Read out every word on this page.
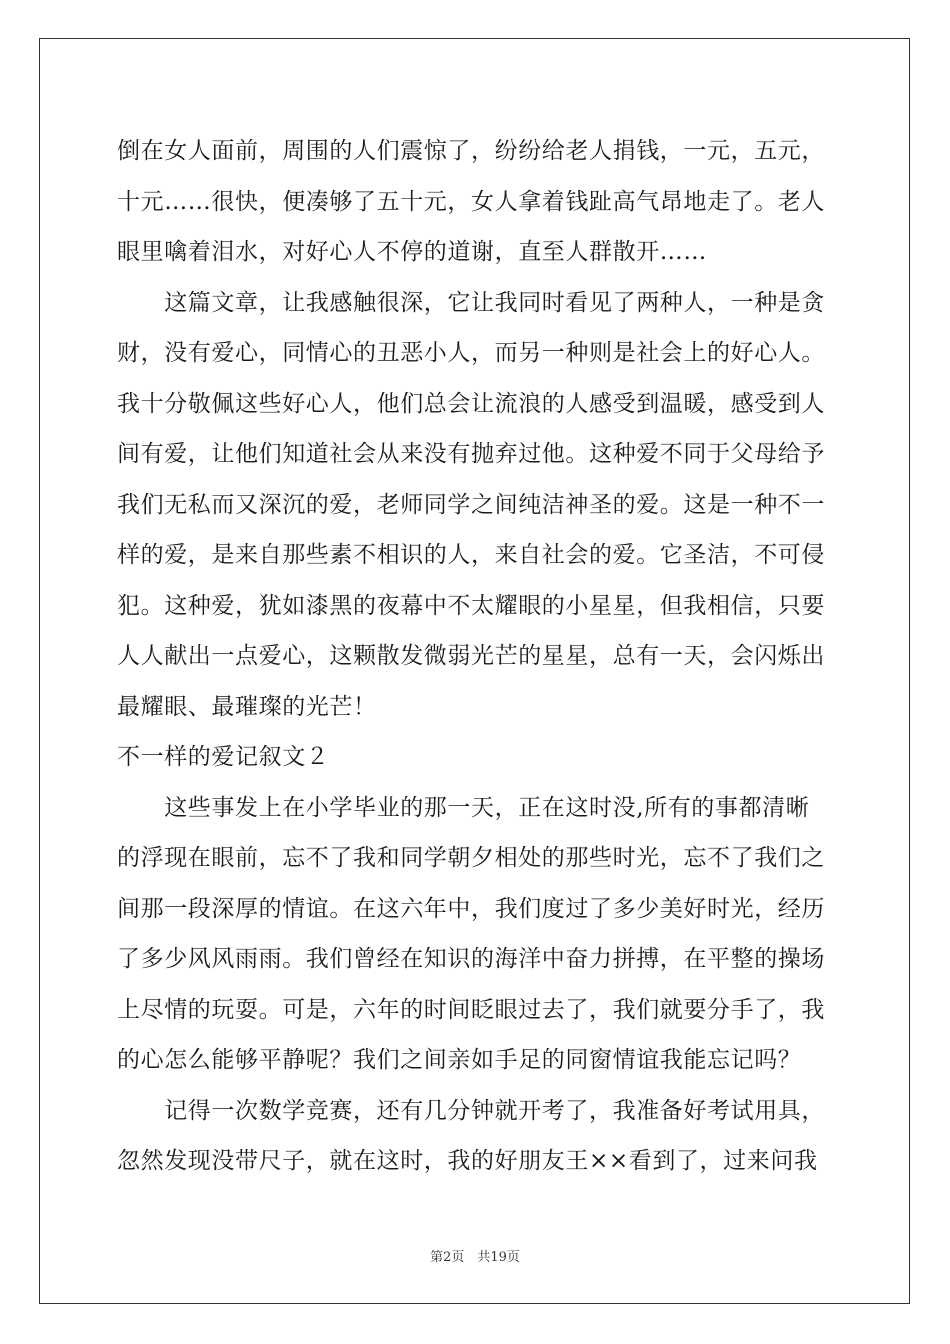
倒在女人面前，周围的人们震惊了，纷纷给老人捐钱，一元，五元，
十元……很快，便凑够了五十元，女人拿着钱趾高气昂地走了。老人
眼里噙着泪水，对好心人不停的道谢，直至人群散开……
　　这篇文章，让我感触很深，它让我同时看见了两种人，一种是贪
财，没有爱心，同情心的丑恶小人，而另一种则是社会上的好心人。
我十分敬佩这些好心人，他们总会让流浪的人感受到温暖，感受到人
间有爱，让他们知道社会从来没有抛弃过他。这种爱不同于父母给予
我们无私而又深沉的爱，老师同学之间纯洁神圣的爱。这是一种不一
样的爱，是来自那些素不相识的人，来自社会的爱。它圣洁，不可侵
犯。这种爱，犹如漆黑的夜幕中不太耀眼的小星星，但我相信，只要
人人献出一点爱心，这颗散发微弱光芒的星星，总有一天，会闪烁出
最耀眼、最璀璨的光芒！
不一样的爱记叙文２
　　这些事发上在小学毕业的那一天，正在这时没,所有的事都清晰
的浮现在眼前，忘不了我和同学朝夕相处的那些时光，忘不了我们之
间那一段深厚的情谊。在这六年中，我们度过了多少美好时光，经历
了多少风风雨雨。我们曾经在知识的海洋中奋力拼搏，在平整的操场
上尽情的玩耍。可是，六年的时间眨眼过去了，我们就要分手了，我
的心怎么能够平静呢？我们之间亲如手足的同窗情谊我能忘记吗？
　　记得一次数学竞赛，还有几分钟就开考了，我准备好考试用具，
忽然发现没带尺子，就在这时，我的好朋友王××看到了，过来问我
第2页　共19页
